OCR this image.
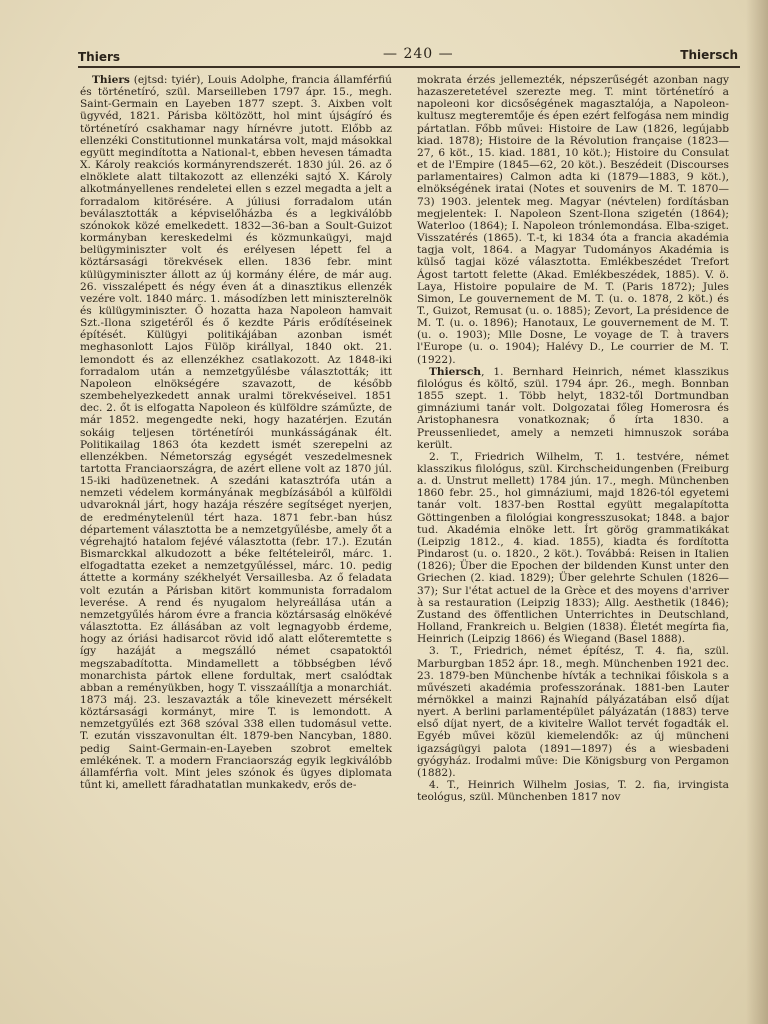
Thiers	— 240 —	Thiersch

Thiers (ejtsd: tyiér), Louis Adolphe, francia államférfiú és történetíró, szül. Marseilleben 1797 ápr. 15., megh. Saint-Germain en Layeben 1877 szept. 3. Aixben volt ügyvéd, 1821. Párisba költözött, hol mint újságíró és történetíró csakhamar nagy hírnévre jutott. Előbb az ellenzéki Constitutionnel munkatársa volt, majd másokkal együtt megindította a National-t, ebben hevesen támadta X. Károly reakciós kormányrendszerét. 1830 júl. 26. az ő elnöklete alatt tiltakozott az ellenzéki sajtó X. Károly alkotmányellenes rendeletei ellen s ezzel megadta a jelt a forradalom kitörésére. A júliusi forradalom után beválasztották a képviselőházba és a legkiválóbb szónokok közé emelkedett. 1832—36-ban a Soult-Guizot kormányban kereskedelmi és közmunkaügyi, majd belügyminiszter volt és erélyesen lépett fel a köztársasági törekvések ellen. 1836 febr. mint külügyminiszter állott az új kormány élére, de már aug. 26. visszalépett és négy éven át a dinasztikus ellenzék vezére volt. 1840 márc. 1. másodízben lett miniszterelnök és külügyminiszter. Ő hozatta haza Napoleon hamvait Szt.-Ilona szigetéről és ő kezdte Páris erődítéseinek építését. Külügyi politikájában azonban ismét meghasonlott Lajos Fülöp királlyal, 1840 okt. 21. lemondott és az ellenzékhez csatlakozott. Az 1848-iki forradalom után a nemzetgyűlésbe választották; itt Napoleon elnökségére szavazott, de később szembehelyezkedett annak uralmi törekvéseivel. 1851 dec. 2. őt is elfogatta Napoleon és külföldre száműzte, de már 1852. megengedte neki, hogy hazatérjen. Ezután sokáig teljesen történetírói munkásságának élt. Politikailag 1863 óta kezdett ismét szerepelni az ellenzékben. Németország egységét veszedelmesnek tartotta Franciaországra, de azért ellene volt az 1870 júl. 15-iki hadüzenetnek. A szedáni katasztrófa után a nemzeti védelem kormányának megbízásából a külföldi udvaroknál járt, hogy hazája részére segítséget nyerjen, de eredménytelenül tért haza. 1871 febr.-ban húsz département választotta be a nemzetgyűlésbe, amely őt a végrehajtó hatalom fejévé választotta (febr. 17.). Ezután Bismarckkal alkudozott a béke feltételeiről, márc. 1. elfogadtatta ezeket a nemzetgyűléssel, márc. 10. pedig áttette a kormány székhelyét Versaillesba. Az ő feladata volt ezután a Párisban kitört kommunista forradalom leverése. A rend és nyugalom helyreállása után a nemzetgyűlés három évre a francia köztársaság elnökévé választotta. Ez állásában az volt legnagyobb érdeme, hogy az óriási hadisarcot rövid idő alatt előteremtette s így hazáját a megszálló német csapatoktól megszabadította. Mindamellett a többségben lévő monarchista pártok ellene fordultak, mert csalódtak abban a reményükben, hogy T. visszaállítja a monarchiát. 1873 máj. 23. leszavazták a tőle kinevezett mérsékelt köztársasági kormányt, mire T. is lemondott. A nemzetgyűlés ezt 368 szóval 338 ellen tudomásul vette. T. ezután visszavonultan élt. 1879-ben Nancyban, 1880. pedig Saint-Germain-en-Layeben szobrot emeltek emlékének. T. a modern Franciaország egyik legkiválóbb államférfia volt. Mint jeles szónok és ügyes diplomata tűnt ki, amellett fáradhatatlan munkakedv, erős de-

mokrata érzés jellemezték, népszerűségét azonban nagy hazaszeretetével szerezte meg. T. mint történetíró a napoleoni kor dicsőségének magasztalója, a Napoleon-kultusz megteremtője és épen ezért felfogása nem mindig pártatlan. Főbb művei: Histoire de Law (1826, legújabb kiad. 1878); Histoire de la Révolution française (1823—27, 6 köt., 15. kiad. 1881, 10 köt.); Histoire du Consulat et de l'Empire (1845—62, 20 köt.). Beszédeit (Discourses parlamentaires) Calmon adta ki (1879—1883, 9 köt.), elnökségének iratai (Notes et souvenirs de M. T. 1870—73) 1903. jelentek meg. Magyar (névtelen) fordításban megjelentek: I. Napoleon Szent-Ilona szigetén (1864); Waterloo (1864); I. Napoleon trónlemondása. Elba-sziget. Visszatérés (1865). T.-t, ki 1834 óta a francia akadémia tagja volt, 1864. a Magyar Tudományos Akadémia is külső tagjai közé választotta. Emlékbeszédet Trefort Ágost tartott felette (Akad. Emlékbeszédek, 1885). V. ö. Laya, Histoire populaire de M. T. (Paris 1872); Jules Simon, Le gouvernement de M. T. (u. o. 1878, 2 köt.) és T., Guizot, Remusat (u. o. 1885); Zevort, La présidence de M. T. (u. o. 1896); Hanotaux, Le gouvernement de M. T. (u. o. 1903); Mlle Dosne, Le voyage de T. à travers l'Europe (u. o. 1904); Halévy D., Le courrier de M. T. (1922).

Thiersch, 1. Bernhard Heinrich, német klasszikus filológus és költő, szül. 1794 ápr. 26., megh. Bonnban 1855 szept. 1. Több helyt, 1832-től Dortmundban gimnáziumi tanár volt. Dolgozatai főleg Homerosra és Aristophanesra vonatkoznak; ő írta 1830. a Preussenliedet, amely a nemzeti himnuszok sorába került.

2. T., Friedrich Wilhelm, T. 1. testvére, német klasszikus filológus, szül. Kirchscheidungenben (Freiburg a. d. Unstrut mellett) 1784 jún. 17., megh. Münchenben 1860 febr. 25., hol gimnáziumi, majd 1826-tól egyetemi tanár volt. 1837-ben Rosttal együtt megalapította Göttingenben a filológiai kongresszusokat; 1848. a bajor tud. Akadémia elnöke lett. Írt görög grammatikákat (Leipzig 1812., 4. kiad. 1855), kiadta és fordította Pindarost (u. o. 1820., 2 köt.). Továbbá: Reisen in Italien (1826); Über die Epochen der bildenden Kunst unter den Griechen (2. kiad. 1829); Über gelehrte Schulen (1826—37); Sur l'état actuel de la Grèce et des moyens d'arriver à sa restauration (Leipzig 1833); Allg. Aesthetik (1846); Zustand des öffentlichen Unterrichtes in Deutschland, Holland, Frankreich u. Belgien (1838). Életét megírta fia, Heinrich (Leipzig 1866) és Wiegand (Basel 1888).

3. T., Friedrich, német építész, T. 4. fia, szül. Marburgban 1852 ápr. 18., megh. Münchenben 1921 dec. 23. 1879-ben Münchenbe hívták a technikai főiskola s a művészeti akadémia professzorának. 1881-ben Lauter mérnökkel a mainzi Rajnahíd pályázatában első díjat nyert. A berlini parlamentépület pályázatán (1883) terve első díjat nyert, de a kivitelre Wallot tervét fogadták el. Egyéb művei közül kiemelendők: az új müncheni igazságügyi palota (1891—1897) és a wiesbadeni gyógyház. Irodalmi műve: Die Königsburg von Pergamon (1882).

4. T., Heinrich Wilhelm Josias, T. 2. fia, irvingista teológus, szül. Münchenben 1817 nov
